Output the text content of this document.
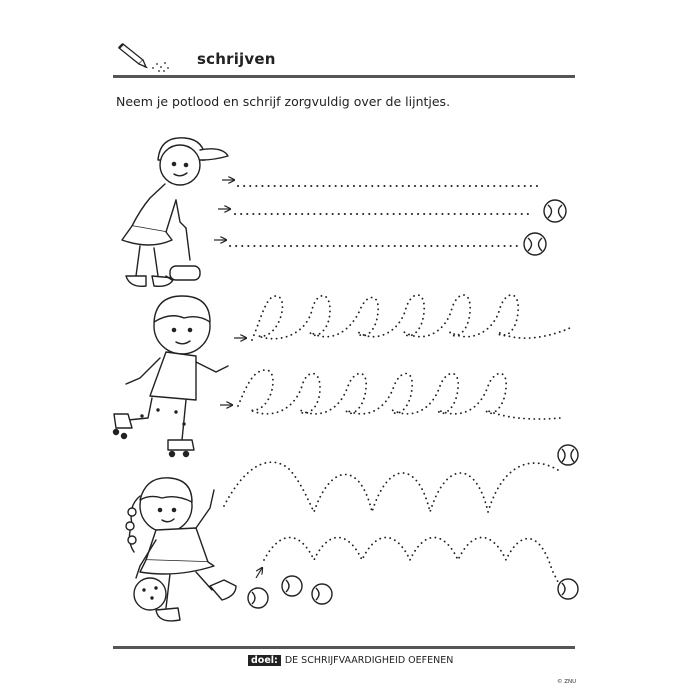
schrijven
Neem je potlood en schrijf zorgvuldig over de lijntjes.
doel: DE SCHRIJFVAARDIGHEID OEFENEN
© ZNU
